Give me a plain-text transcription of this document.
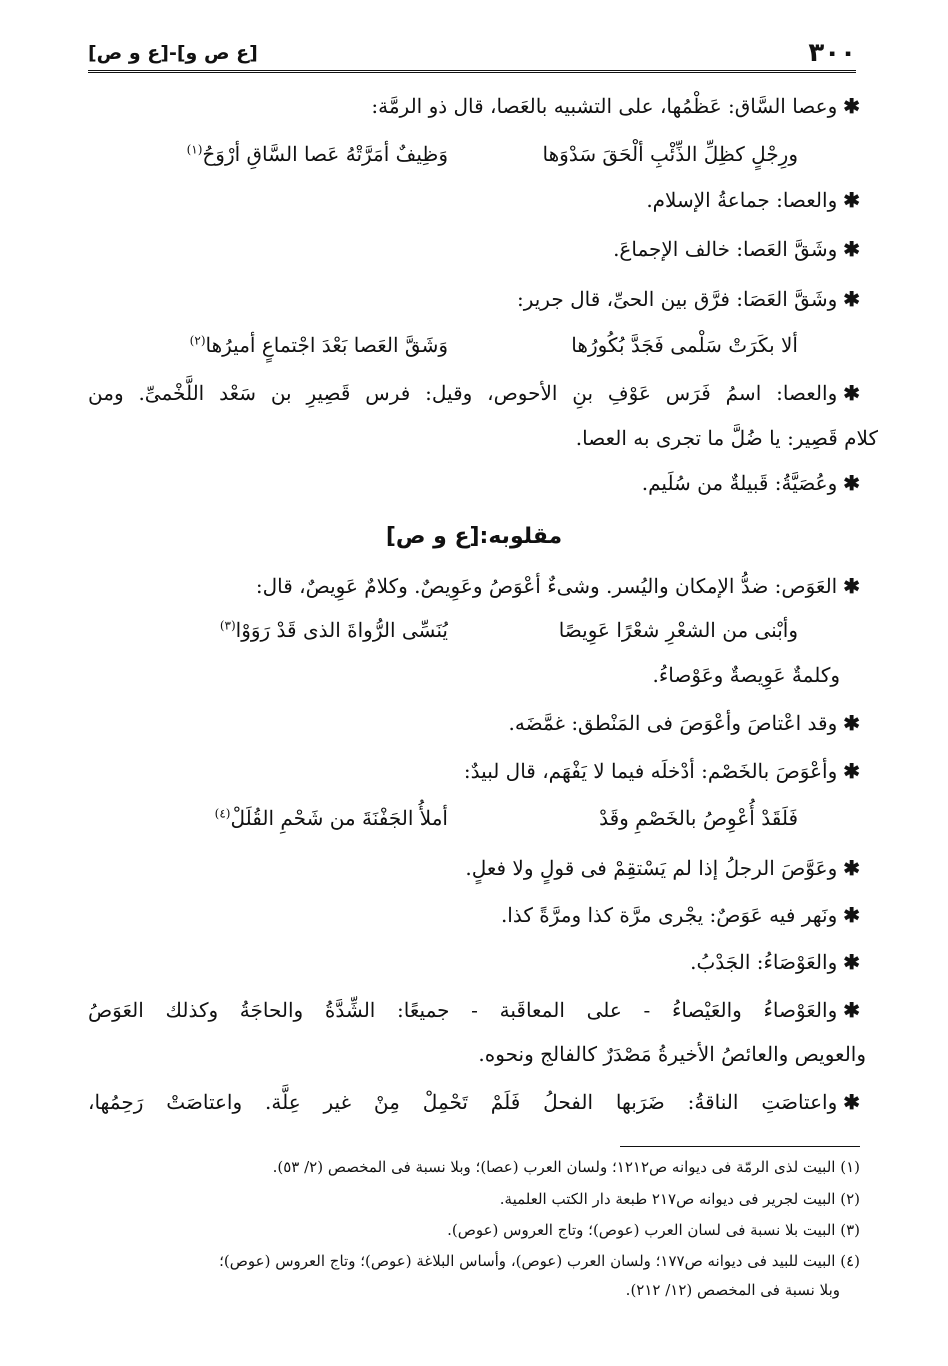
٣٠٠
[ع ص و]-[ع و ص]
✱وعصا السَّاق: عَظْمُها، على التشبيه بالعَصا، قال ذو الرمَّة:
ورِجْلٍ كظِلِّ الذِّئْبِ ألْحَقَ سَدْوَها
وَظِيفٌ أمَرَّتْهُ عَصا السَّاقِ أرْوَحُ$^{(١)}$
✱والعصا: جماعةُ الإسلام.
✱وشَقَّ العَصا: خالف الإجماعَ.
✱وشَقَّ العَصَا: فرَّق بين الحىِّ، قال جرير:
ألا بكَرَتْ سَلْمى فَجَدَّ بُكُورُها
وَشَقَّ العَصا بَعْدَ اجْتماعٍ أميرُها$^{(٢)}$
✱والعصا: اسمُ فَرَس عَوْفِ بنِ الأحوص، وقيل: فرس قَصِيرِ بن سَعْد اللَّخْمىِّ. ومن
كلام قَصِير: يا ضُلَّ ما تجرى به العصا.
✱وعُصَيَّةُ: قَبيلةٌ من سُلَيم.
مقلوبه:[ع و ص]
✱العَوَص: ضدُّ الإمكان واليُسر. وشىءٌ أعْوَصُ وعَوِيصٌ. وكلامٌ عَوِيصٌ، قال:
وأبْنى من الشعْرِ شعْرًا عَوِيصًا
يُنَسِّى الرُّواةَ الذى قَدْ رَوَوْا$^{(٣)}$
وكلمةٌ عَوِيصةٌ وعَوْصاءُ.
✱وقد اعْتاصَ وأعْوَصَ فى المَنْطق: غمَّضَه.
✱وأعْوَصَ بالخَصْم: أدْخلَه فيما لا يَفْهَم، قال لبيدٌ:
فَلَقَدْ أُعْوِصُ بالخَصْمِ وقَدْ
أملأُ الجَفْنَةَ من شَحْمِ القُلَلْ$^{(٤)}$
✱وعَوَّصَ الرجلُ إذا لم يَسْتقِمْ فى قولٍ ولا فعلٍ.
✱ونَهر فيه عَوَصٌ: يجْرى مرَّة كذا ومرَّةً كذا.
✱والعَوْصَاءُ: الجَدْبُ.
✱والعَوْصاءُ والعَيْصاءُ - على المعاقَبة - جميعًا: الشِّدَّةُ والحاجَةُ وكذلك العَوَصُ
والعويص والعائصُ الأخيرةُ مَصْدَرٌ كالفالج ونحوه.
✱واعتاصَتِ الناقةُ: ضَرَبها الفحلُ فَلَمْ تَحْمِلْ مِنْ غير عِلَّة. واعتاصَتْ رَحِمُها،
(١) البيت لذى الرمّة فى ديوانه ص١٢١٢؛ ولسان العرب (عصا)؛ وبلا نسبة فى المخصص (٢/ ٥٣).
(٢) البيت لجرير فى ديوانه ص٢١٧ طبعة دار الكتب العلمية.
(٣) البيت بلا نسبة فى لسان العرب (عوص)؛ وتاج العروس (عوص).
(٤) البيت للبيد فى ديوانه ص١٧٧؛ ولسان العرب (عوص)، وأساس البلاغة (عوص)؛ وتاج العروس (عوص)؛
وبلا نسبة فى المخصص (١٢/ ٢١٢).
